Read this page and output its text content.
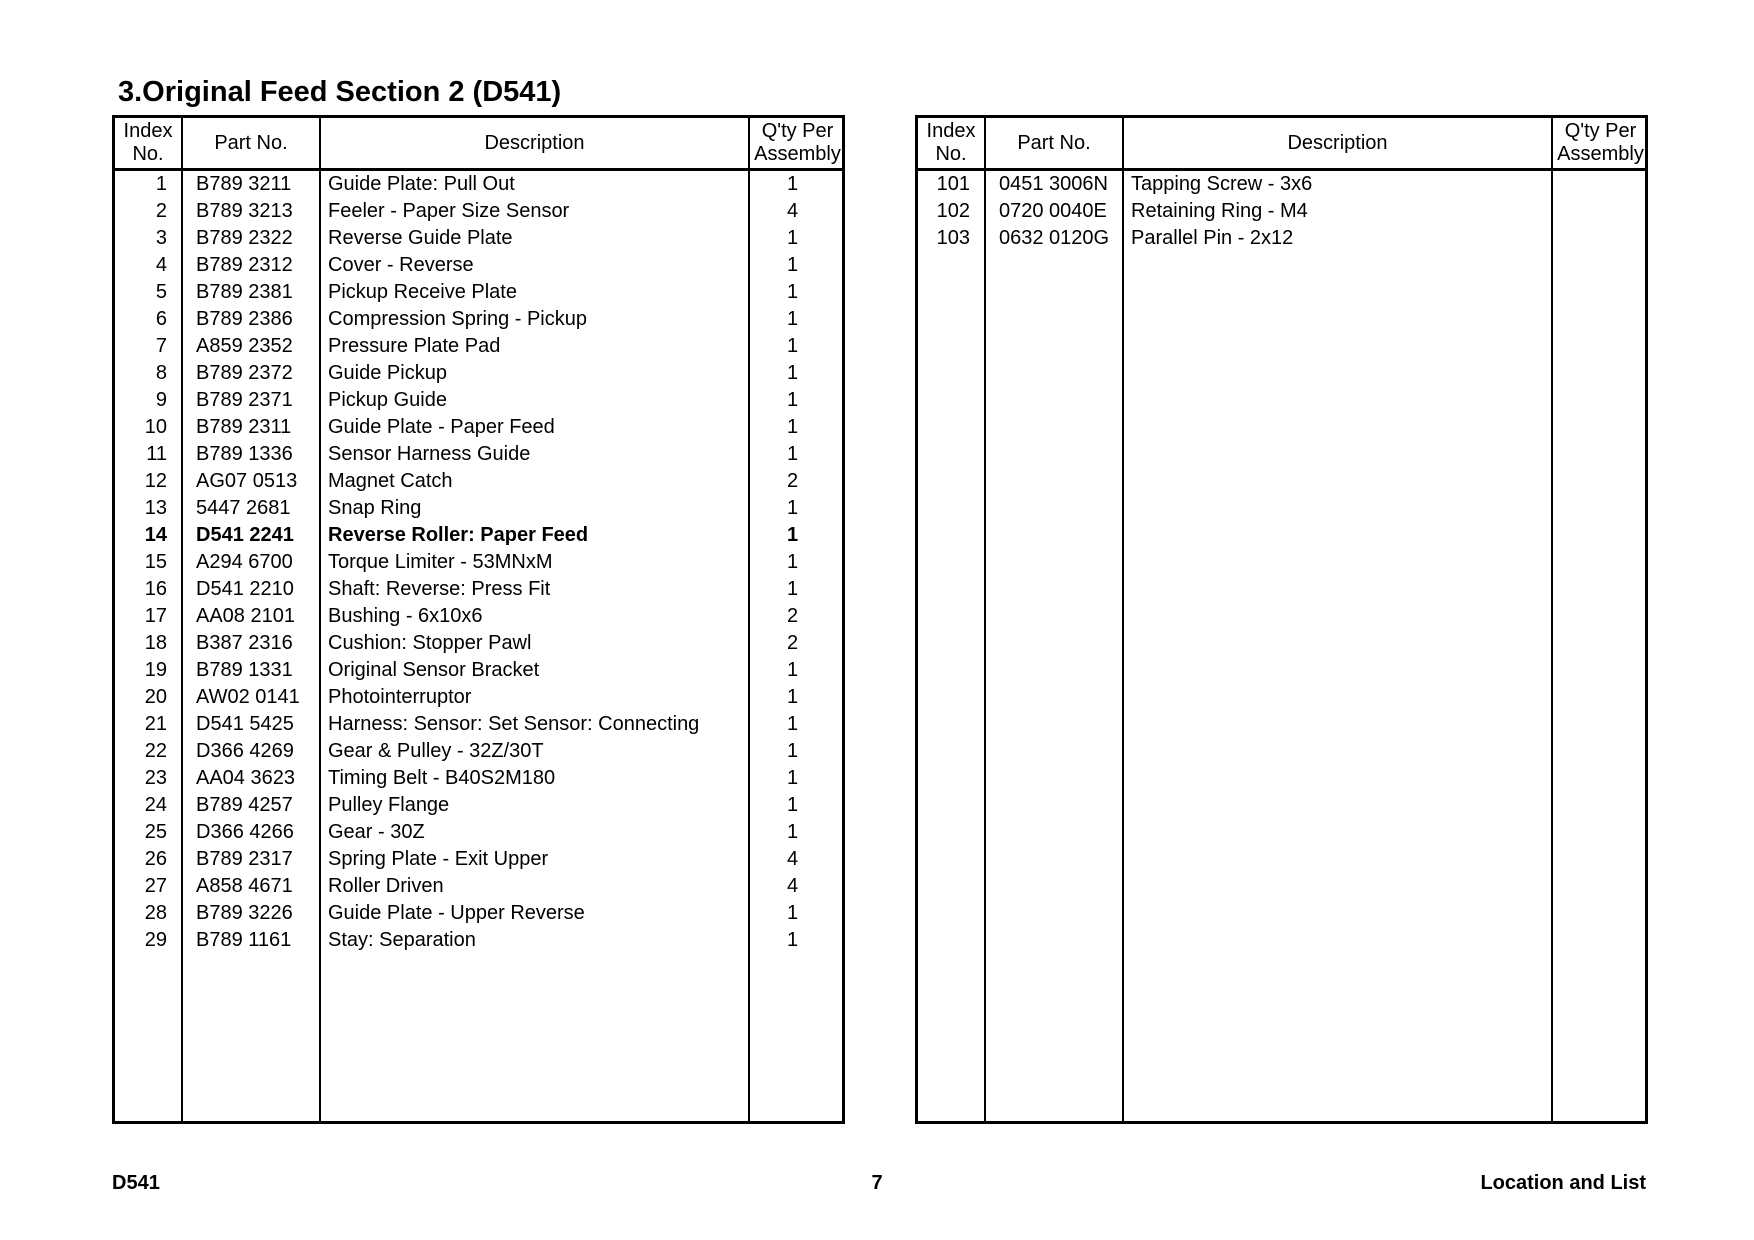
3.Original Feed Section 2 (D541)
Index
No.	Part No.	Description	Q'ty Per
Assembly
1	B789 3211	Guide Plate: Pull Out	1
2	B789 3213	Feeler - Paper Size Sensor	4
3	B789 2322	Reverse Guide Plate	1
4	B789 2312	Cover - Reverse	1
5	B789 2381	Pickup Receive Plate	1
6	B789 2386	Compression Spring - Pickup	1
7	A859 2352	Pressure Plate Pad	1
8	B789 2372	Guide Pickup	1
9	B789 2371	Pickup Guide	1
10	B789 2311	Guide Plate - Paper Feed	1
11	B789 1336	Sensor Harness Guide	1
12	AG07 0513	Magnet Catch	2
13	5447 2681	Snap Ring	1
14	D541 2241	Reverse Roller: Paper Feed	1
15	A294 6700	Torque Limiter - 53MNxM	1
16	D541 2210	Shaft: Reverse: Press Fit	1
17	AA08 2101	Bushing - 6x10x6	2
18	B387 2316	Cushion: Stopper Pawl	2
19	B789 1331	Original Sensor Bracket	1
20	AW02 0141	Photointerruptor	1
21	D541 5425	Harness: Sensor: Set Sensor: Connecting	1
22	D366 4269	Gear & Pulley - 32Z/30T	1
23	AA04 3623	Timing Belt - B40S2M180	1
24	B789 4257	Pulley Flange	1
25	D366 4266	Gear - 30Z	1
26	B789 2317	Spring Plate - Exit Upper	4
27	A858 4671	Roller Driven	4
28	B789 3226	Guide Plate - Upper Reverse	1
29	B789 1161	Stay: Separation	1

Index
No.	Part No.	Description	Q'ty Per
Assembly
101	0451 3006N	Tapping Screw - 3x6	
102	0720 0040E	Retaining Ring - M4	
103	0632 0120G	Parallel Pin - 2x12	

D541	7	Location and List
